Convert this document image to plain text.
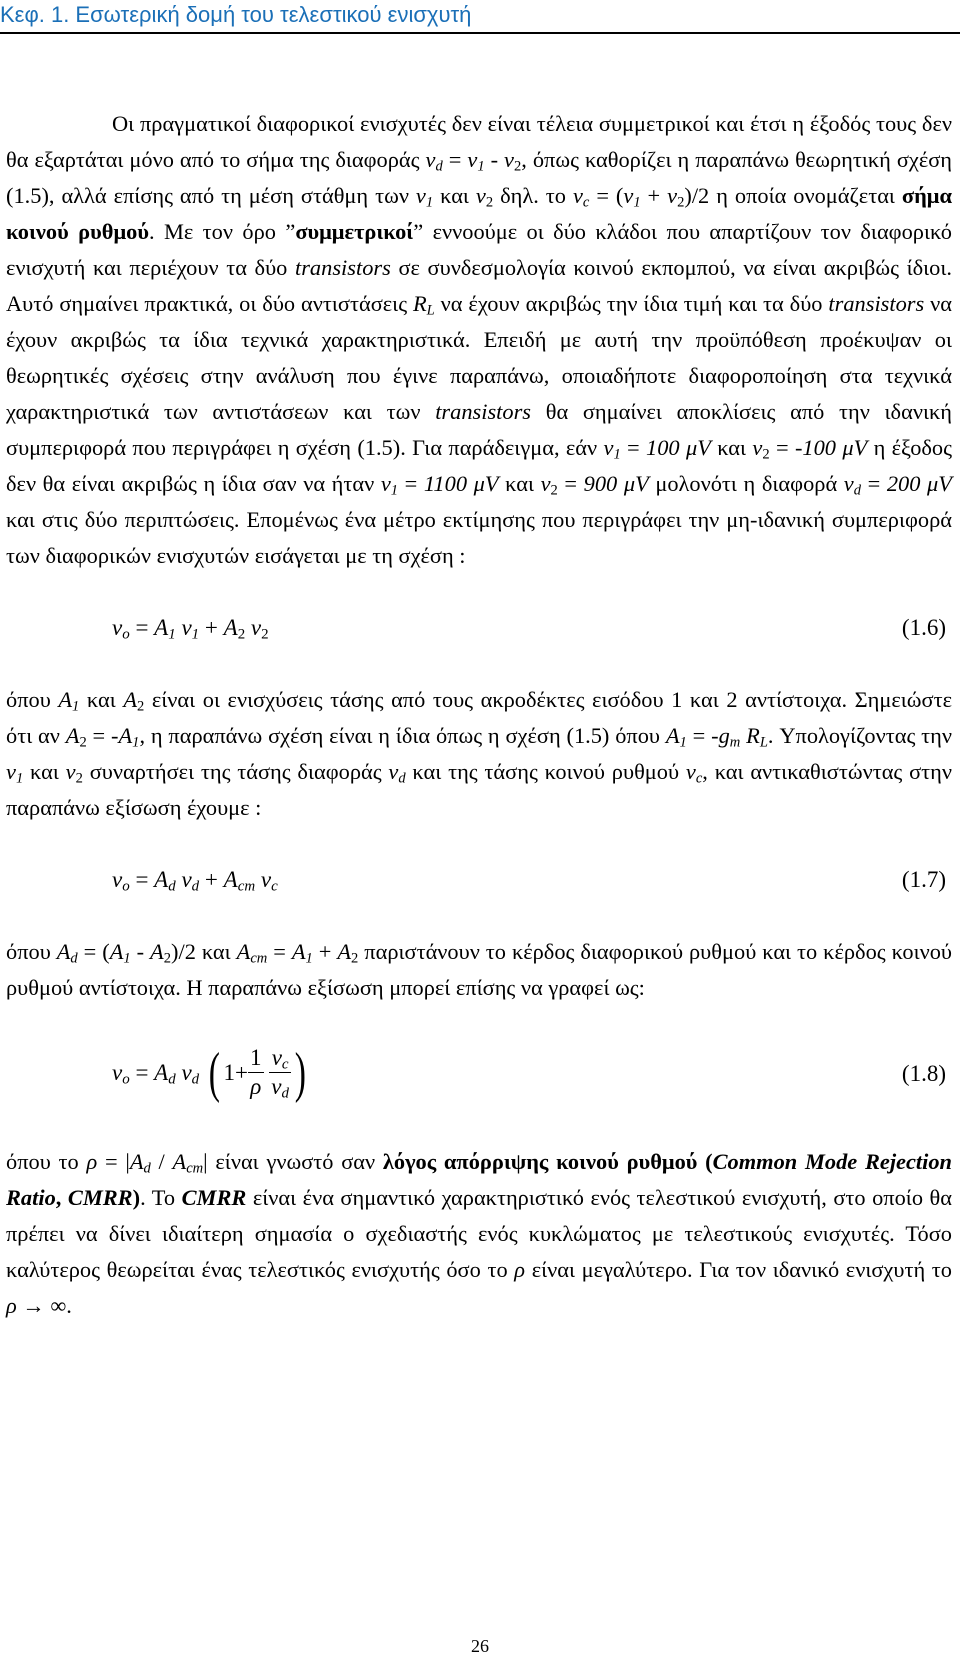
Κεφ. 1. Εσωτερική δομή του τελεστικού ενισχυτή

Οι πραγματικοί διαφορικοί ενισχυτές δεν είναι τέλεια συμμετρικοί και έτσι η έξοδός τους δεν θα εξαρτάται μόνο από το σήμα της διαφοράς $v_d = v_1 - v_2$, όπως καθορίζει η παραπάνω θεωρητική σχέση (1.5), αλλά επίσης από τη μέση στάθμη των $v_1$ και $v_2$ δηλ. το $v_c = (v_1 + v_2)/2$ η οποία ονομάζεται σήμα κοινού ρυθμού. Με τον όρο ”συμμετρικοί” εννοούμε οι δύο κλάδοι που απαρτίζουν τον διαφορικό ενισχυτή και περιέχουν τα δύο transistors σε συνδεσμολογία κοινού εκπομπού, να είναι ακριβώς ίδιοι. Αυτό σημαίνει πρακτικά, οι δύο αντιστάσεις $R_L$ να έχουν ακριβώς την ίδια τιμή και τα δύο transistors να έχουν ακριβώς τα ίδια τεχνικά χαρακτηριστικά. Επειδή με αυτή την προϋπόθεση προέκυψαν οι θεωρητικές σχέσεις στην ανάλυση που έγινε παραπάνω, οποιαδήποτε διαφοροποίηση στα τεχνικά χαρακτηριστικά των αντιστάσεων και των transistors θα σημαίνει αποκλίσεις από την ιδανική συμπεριφορά που περιγράφει η σχέση (1.5). Για παράδειγμα, εάν $v_1 = 100$ μV και $v_2 = -100$ μV η έξοδος δεν θα είναι ακριβώς η ίδια σαν να ήταν $v_1 = 1100$ μV και $v_2 = 900$ μV μολονότι η διαφορά $v_d = 200$ μV και στις δύο περιπτώσεις. Επομένως ένα μέτρο εκτίμησης που περιγράφει την μη-ιδανική συμπεριφορά των διαφορικών ενισχυτών εισάγεται με τη σχέση :

$v_o = A_1$ $v_1 + A_2$ $v_2$	(1.6)

όπου $A_1$ και $A_2$ είναι οι ενισχύσεις τάσης από τους ακροδέκτες εισόδου 1 και 2 αντίστοιχα. Σημειώστε ότι αν $A_2 = -A_1$, η παραπάνω σχέση είναι η ίδια όπως η σχέση (1.5) όπου $A_1 = -g_m$ $R_L$. Υπολογίζοντας την $v_1$ και $v_2$ συναρτήσει της τάσης διαφοράς $v_d$ και της τάσης κοινού ρυθμού $v_c$, και αντικαθιστώντας στην παραπάνω εξίσωση έχουμε :

$v_o = A_d$ $v_d + A_{cm}$ $v_c$	(1.7)

όπου $A_d = (A_1 - A_2)/2$ και $A_{cm} = A_1 + A_2$ παριστάνουν το κέρδος διαφορικού ρυθμού και το κέρδος κοινού ρυθμού αντίστοιχα. Η παραπάνω εξίσωση μπορεί επίσης να γραφεί ως:

$v_o = A_d$ $v_d$ ( $1+ \frac{1}{\rho}$
$\frac{v_c}{v_d}$ )	(1.8)

όπου το $\rho = |A_d / A_{cm}|$ είναι γνωστό σαν λόγος απόρριψης κοινού ρυθμού (Common Mode Rejection Ratio, CMRR). Το CMRR είναι ένα σημαντικό χαρακτηριστικό ενός τελεστικού ενισχυτή, στο οποίο θα πρέπει να δίνει ιδιαίτερη σημασία ο σχεδιαστής ενός κυκλώματος με τελεστικούς ενισχυτές. Τόσο καλύτερος θεωρείται ένας τελεστικός ενισχυτής όσο το ρ είναι μεγαλύτερο. Για τον ιδανικό ενισχυτή το ρ → ∞.

26
